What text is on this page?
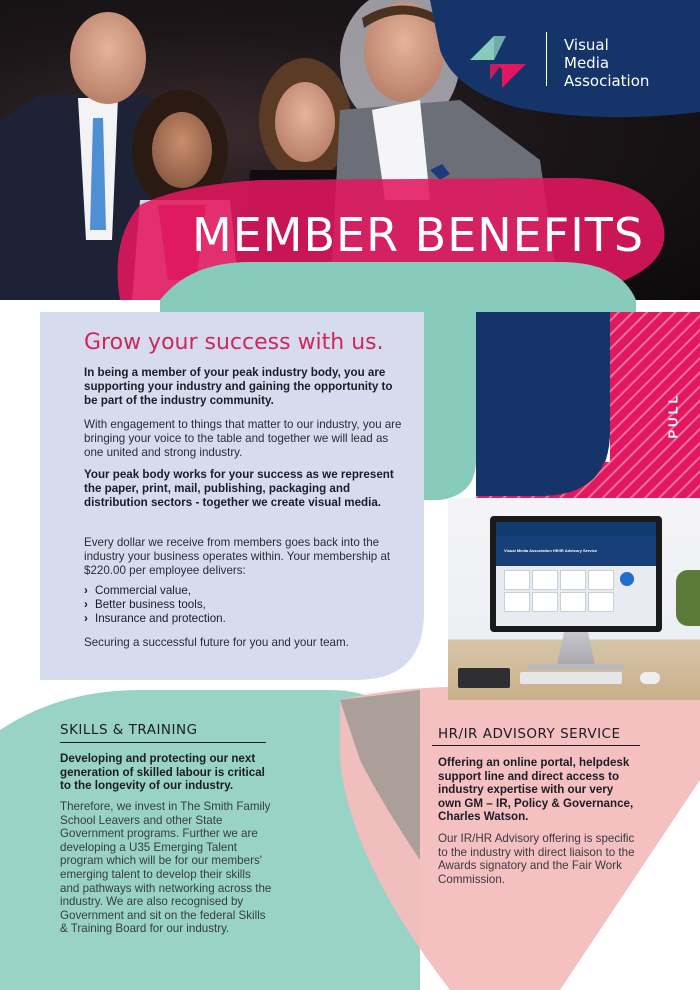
Visual
Media
Association
MEMBER BENEFITS
PULL
Grow your success with us.
In being a member of your peak industry body, you are supporting your industry and gaining the opportunity to be part of the industry community.
With engagement to things that matter to our industry, you are bringing your voice to the table and together we will lead as one united and strong industry.
Your peak body works for your success as we represent the paper, print, mail, publishing, packaging and distribution sectors - together we create visual media.
Every dollar we receive from members goes back into the industry your business operates within. Your membership at $220.00 per employee delivers:
› Commercial value,
› Better business tools,
› Insurance and protection.
Securing a successful future for you and your team.
Visual Media Association HR/IR Advisory Service
SKILLS & TRAINING
Developing and protecting our next generation of skilled labour is critical to the longevity of our industry.
Therefore, we invest in The Smith Family School Leavers and other State Government programs. Further we are developing a U35 Emerging Talent program which will be for our members' emerging talent to develop their skills and pathways with networking across the industry. We are also recognised by Government and sit on the federal Skills & Training Board for our industry.
HR/IR ADVISORY SERVICE
Offering an online portal, helpdesk support line and direct access to industry expertise with our very own GM – IR, Policy & Governance, Charles Watson.
Our IR/HR Advisory offering is specific to the industry with direct liaison to the Awards signatory and the Fair Work Commission.
